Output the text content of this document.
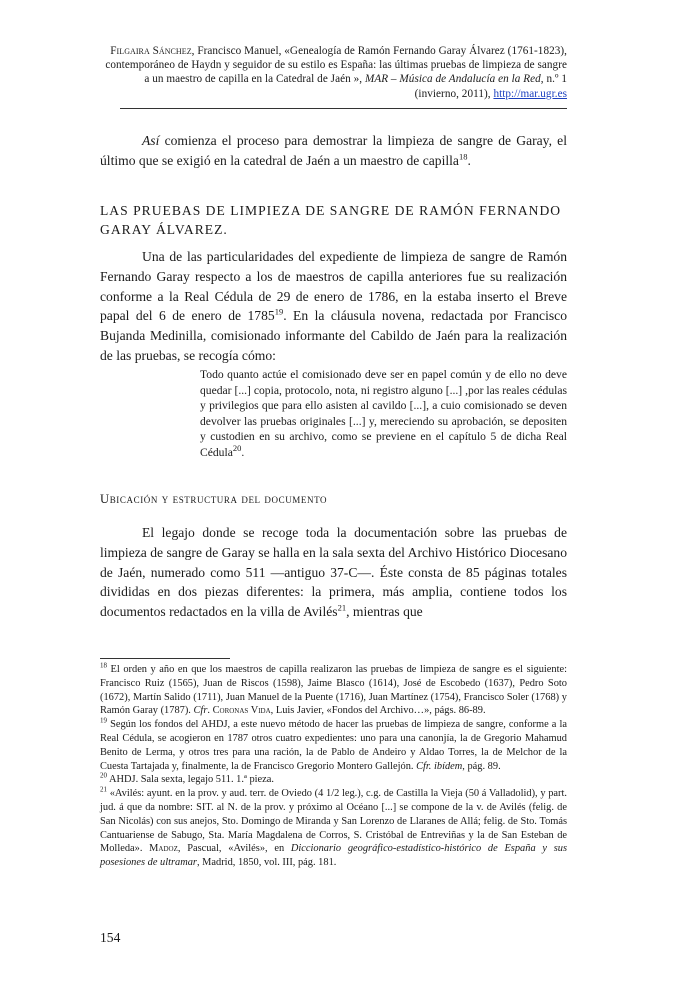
Filgaira Sánchez, Francisco Manuel, «Genealogía de Ramón Fernando Garay Álvarez (1761-1823), contemporáneo de Haydn y seguidor de su estilo es España: las últimas pruebas de limpieza de sangre a un maestro de capilla en la Catedral de Jaén », MAR – Música de Andalucía en la Red, n.º 1 (invierno, 2011), http://mar.ugr.es

Así comienza el proceso para demostrar la limpieza de sangre de Garay, el último que se exigió en la catedral de Jaén a un maestro de capilla$^{18}$.

LAS PRUEBAS DE LIMPIEZA DE SANGRE DE RAMÓN FERNANDO GARAY ÁLVAREZ.

Una de las particularidades del expediente de limpieza de sangre de Ramón Fernando Garay respecto a los de maestros de capilla anteriores fue su realización conforme a la Real Cédula de 29 de enero de 1786, en la estaba inserto el Breve papal del 6 de enero de 1785$^{19}$. En la cláusula novena, redactada por Francisco Bujanda Medinilla, comisionado informante del Cabildo de Jaén para la realización de las pruebas, se recogía cómo:

Todo quanto actúe el comisionado deve ser en papel común y de ello no deve quedar [...] copia, protocolo, nota, ni registro alguno [...] ,por las reales cédulas y privilegios que para ello asisten al cavildo [...], a cuio comisionado se deven devolver las pruebas originales [...] y, mereciendo su aprobación, se depositen y custodien en su archivo, como se previene en el capítulo 5 de dicha Real Cédula$^{20}$.
Ubicación y estructura del documento

El legajo donde se recoge toda la documentación sobre las pruebas de limpieza de sangre de Garay se halla en la sala sexta del Archivo Histórico Diocesano de Jaén, numerado como 511 —antiguo 37-C—. Éste consta de 85 páginas totales divididas en dos piezas diferentes: la primera, más amplia, contiene todos los documentos redactados en la villa de Avilés$^{21}$, mientras que

$^{18}$ El orden y año en que los maestros de capilla realizaron las pruebas de limpieza de sangre es el siguiente: Francisco Ruiz (1565), Juan de Riscos (1598), Jaime Blasco (1614), José de Escobedo (1637), Pedro Soto (1672), Martín Salido (1711), Juan Manuel de la Puente (1716), Juan Martínez (1754), Francisco Soler (1768) y Ramón Garay (1787). Cfr. Coronas Vida, Luis Javier, «Fondos del Archivo…», págs. 86-89.

$^{19}$ Según los fondos del AHDJ, a este nuevo método de hacer las pruebas de limpieza de sangre, conforme a la Real Cédula, se acogieron en 1787 otros cuatro expedientes: uno para una canonjía, la de Gregorio Mahamud Benito de Lerma, y otros tres para una ración, la de Pablo de Andeiro y Aldao Torres, la de Melchor de la Cuesta Tartajada y, finalmente, la de Francisco Gregorio Montero Gallejón. Cfr. ibídem, pág. 89.

$^{20}$ AHDJ. Sala sexta, legajo 511. 1.ª pieza.

$^{21}$ «Avilés: ayunt. en la prov. y aud. terr. de Oviedo (4 1/2 leg.), c.g. de Castilla la Vieja (50 á Valladolid), y part. jud. á que da nombre: SIT. al N. de la prov. y próximo al Océano [...] se compone de la v. de Avilés (felig. de San Nicolás) con sus anejos, Sto. Domingo de Miranda y San Lorenzo de Llaranes de Allá; felig. de Sto. Tomás Cantuariense de Sabugo, Sta. María Magdalena de Corros, S. Cristóbal de Entreviñas y la de San Esteban de Molleda». Madoz, Pascual, «Avilés», en Diccionario geográfico-estadístico-histórico de España y sus posesiones de ultramar, Madrid, 1850, vol. III, pág. 181.

154
